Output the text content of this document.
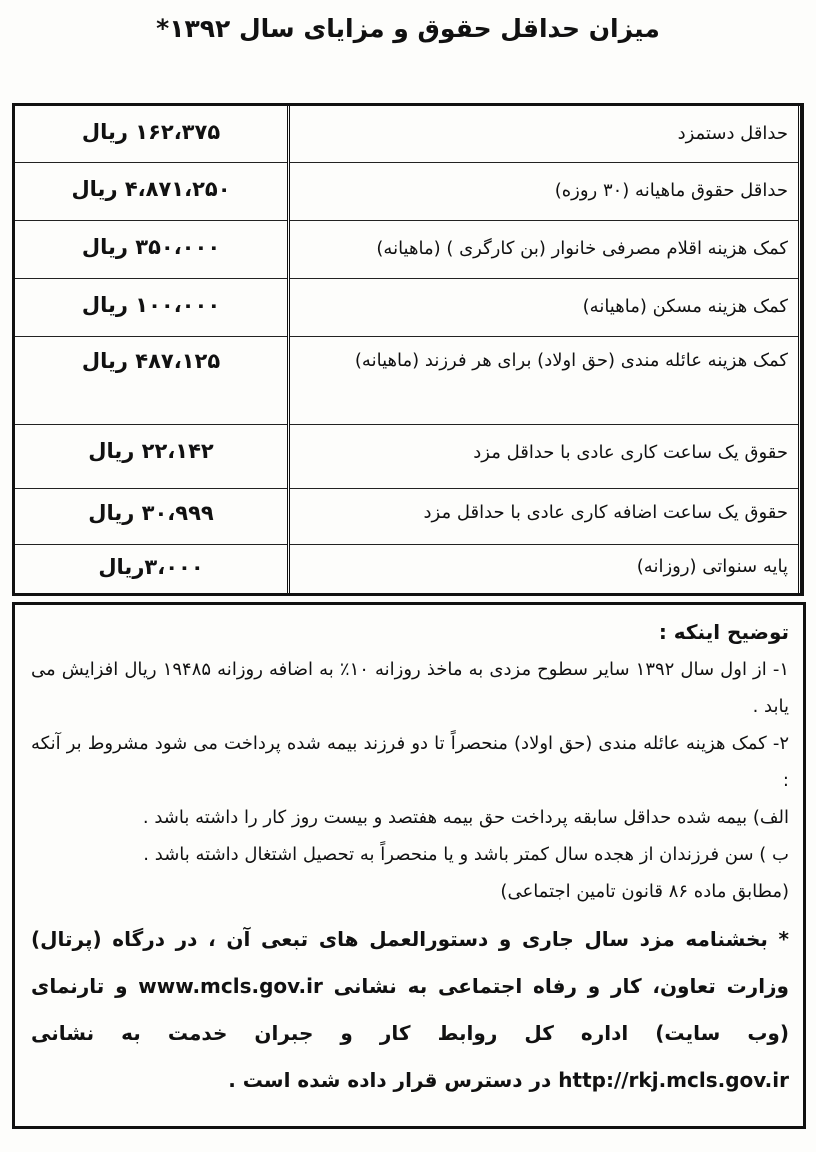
میزان حداقل حقوق و مزایای سال ۱۳۹۲*
۱۶۲،۳۷۵ ریال
۴،۸۷۱،۲۵۰ ریال
۳۵۰،۰۰۰ ریال
۱۰۰،۰۰۰ ریال
۴۸۷،۱۲۵ ریال
۲۲،۱۴۲ ریال
۳۰،۹۹۹ ریال
۳،۰۰۰ریال
حداقل دستمزد
حداقل حقوق ماهیانه (۳۰ روزه)
کمک هزینه اقلام مصرفی خانوار (بن کارگری ) (ماهیانه)
کمک هزینه مسکن (ماهیانه)
کمک هزینه عائله مندی (حق اولاد) برای هر فرزند (ماهیانه)
حقوق یک ساعت کاری عادی با حداقل مزد
حقوق یک ساعت اضافه کاری عادی با حداقل مزد
پایه سنواتی (روزانه)
توضیح اینکه :
۱- از اول سال ۱۳۹۲ سایر سطوح مزدی به ماخذ روزانه ۱۰٪ به اضافه روزانه ۱۹۴۸۵ ریال افزایش می یابد .
۲- کمک هزینه عائله مندی (حق اولاد) منحصراً تا دو فرزند بیمه شده پرداخت می شود مشروط بر آنکه :
الف) بیمه شده حداقل سابقه پرداخت حق بیمه هفتصد و بیست روز کار را داشته باشد .
ب ) سن فرزندان از هجده سال کمتر باشد و یا منحصراً به تحصیل اشتغال داشته باشد .
(مطابق ماده ۸۶ قانون تامین اجتماعی)
* بخشنامه مزد سال جاری و دستورالعمل های تبعی آن ، در درگاه (پرتال) وزارت تعاون، کار و رفاه اجتماعی به نشانی www.mcls.gov.ir و تارنمای (وب سایت) اداره کل روابط کار و جبران خدمت به نشانی http://rkj.mcls.gov.ir در دسترس قرار داده شده است .
